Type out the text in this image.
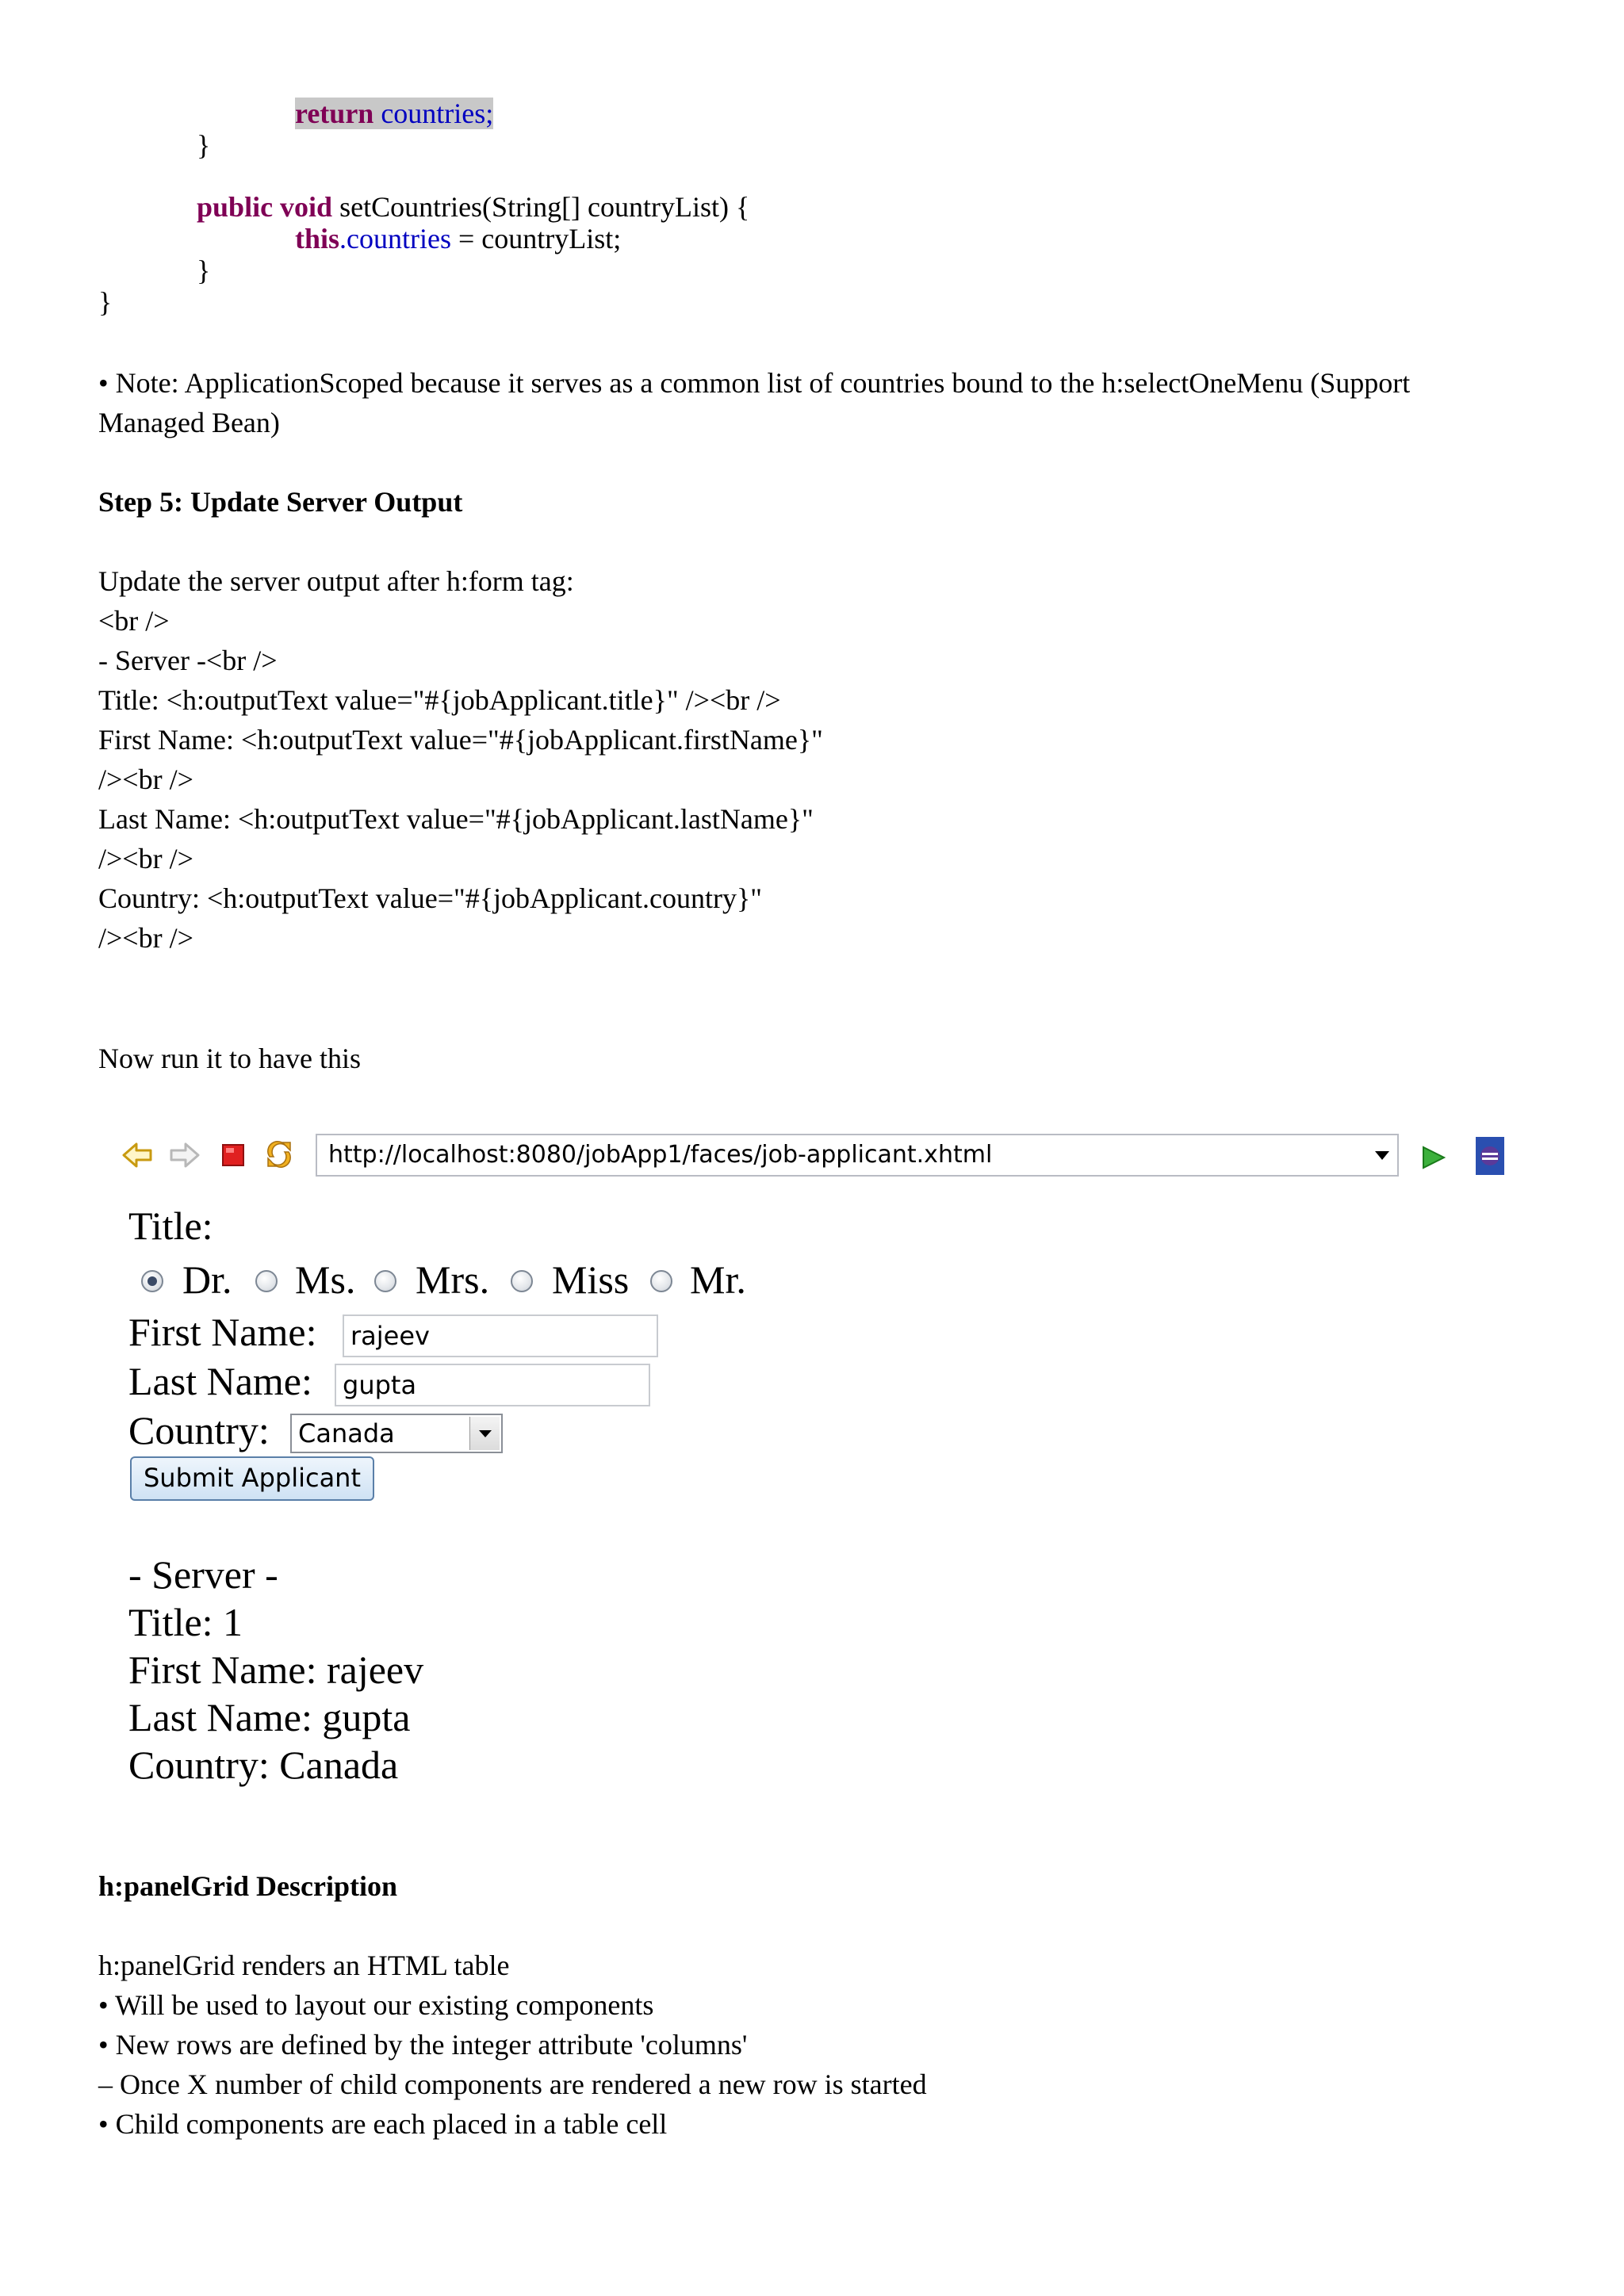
return countries;
}
public void setCountries(String[] countryList) {
this.countries = countryList;
}
}
• Note: ApplicationScoped because it serves as a common list of countries bound to the h:selectOneMenu (Support
Managed Bean)
Step 5: Update Server Output
Update the server output after h:form tag:
<br />
- Server -<br />
Title: <h:outputText value="#{jobApplicant.title}" /><br />
First Name: <h:outputText value="#{jobApplicant.firstName}"
/><br />
Last Name: <h:outputText value="#{jobApplicant.lastName}"
/><br />
Country: <h:outputText value="#{jobApplicant.country}"
/><br />
Now run it to have this
http://localhost:8080/jobApp1/faces/job-applicant.xhtml
Title:
Dr. Ms. Mrs. Miss Mr.
First Name:	rajeev
Last Name:	gupta
Country:	Canada
Submit Applicant
- Server -
Title: 1
First Name: rajeev
Last Name: gupta
Country: Canada
h:panelGrid Description
h:panelGrid renders an HTML table
• Will be used to layout our existing components
• New rows are defined by the integer attribute 'columns'
– Once X number of child components are rendered a new row is started
• Child components are each placed in a table cell
